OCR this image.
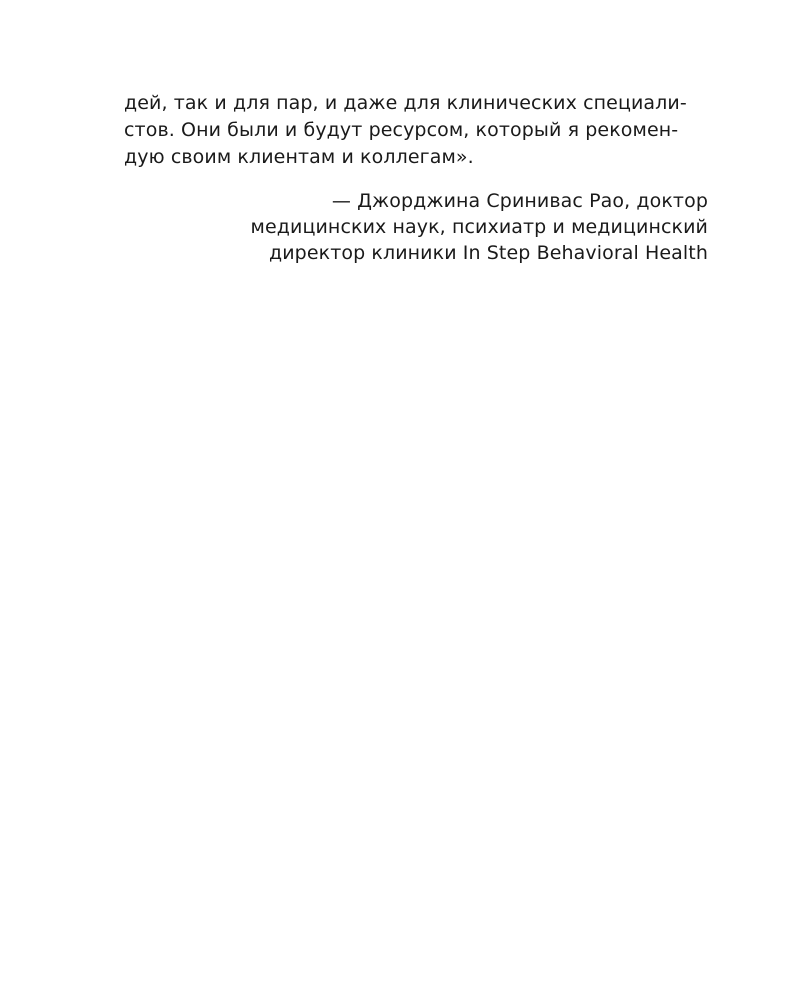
дей, так и для пар, и даже для клинических специали-
стов. Они были и будут ресурсом, который я рекомен-
дую своим клиентам и коллегам».
— Джорджина Сринивас Рао, доктор
медицинских наук, психиатр и медицинский
директор клиники In Step Behavioral Health
